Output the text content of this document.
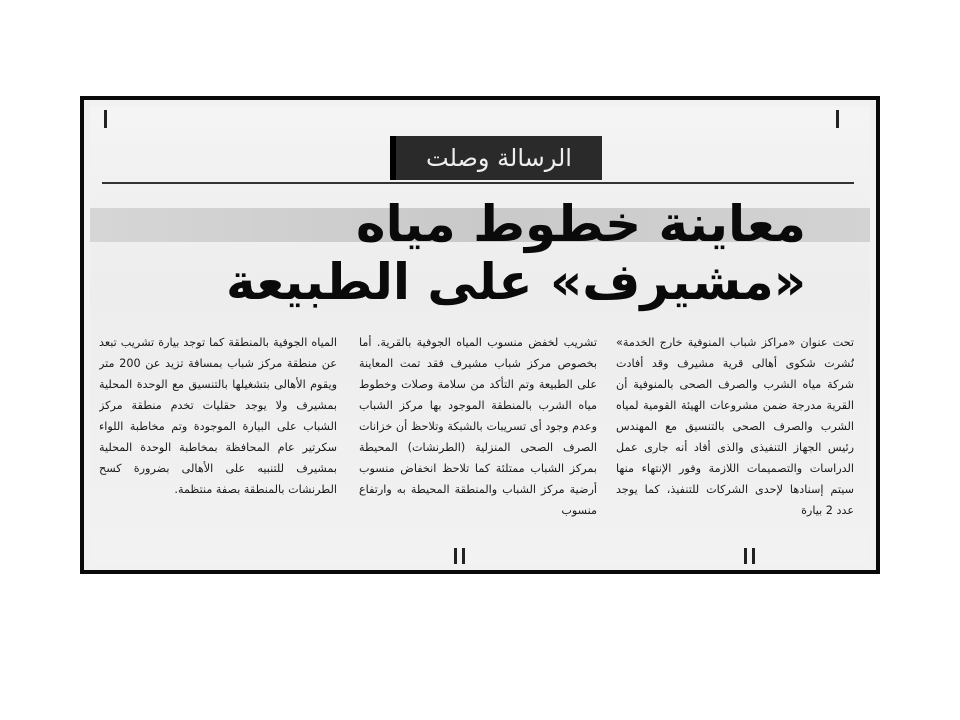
الرسالة وصلت
معاينة خطوط مياه «مشيرف» على الطبيعة
تحت عنوان «مراكز شباب المنوفية خارج الخدمة» نُشرت شكوى أهالى قرية مشيرف وقد أفادت شركة مياه الشرب والصرف الصحى بالمنوفية أن القرية مدرجة ضمن مشروعات الهيئة القومية لمياه الشرب والصرف الصحى بالتنسيق مع المهندس رئيس الجهاز التنفيذى والذى أفاد أنه جارى عمل الدراسات والتصميمات اللازمة وفور الإنتهاء منها سيتم إسنادها لإحدى الشركات للتنفيذ، كما يوجد عدد 2 بيارة
تشريب لخفض منسوب المياه الجوفية بالقرية. أما بخصوص مركز شباب مشيرف فقد تمت المعاينة على الطبيعة وتم التأكد من سلامة وصلات وخطوط مياه الشرب بالمنطقة الموجود بها مركز الشباب وعدم وجود أى تسريبات بالشبكة وتلاحظ أن خزانات الصرف الصحى المنزلية (الطرنشات) المحيطة بمركز الشباب ممتلئة كما تلاحظ انخفاض منسوب أرضية مركز الشباب والمنطقة المحيطة به وارتفاع منسوب
المياه الجوفية بالمنطقة كما توجد بيارة تشريب تبعد عن منطقة مركز شباب بمسافة تزيد عن 200 متر ويقوم الأهالى بتشغيلها بالتنسيق مع الوحدة المحلية بمشيرف ولا يوجد حقليات تخدم منطقة مركز الشباب على البيارة الموجودة وتم مخاطبة اللواء سكرتير عام المحافظة بمخاطبة الوحدة المحلية بمشيرف للتنبيه على الأهالى بضرورة كسح الطرنشات بالمنطقة بصفة منتظمة.
